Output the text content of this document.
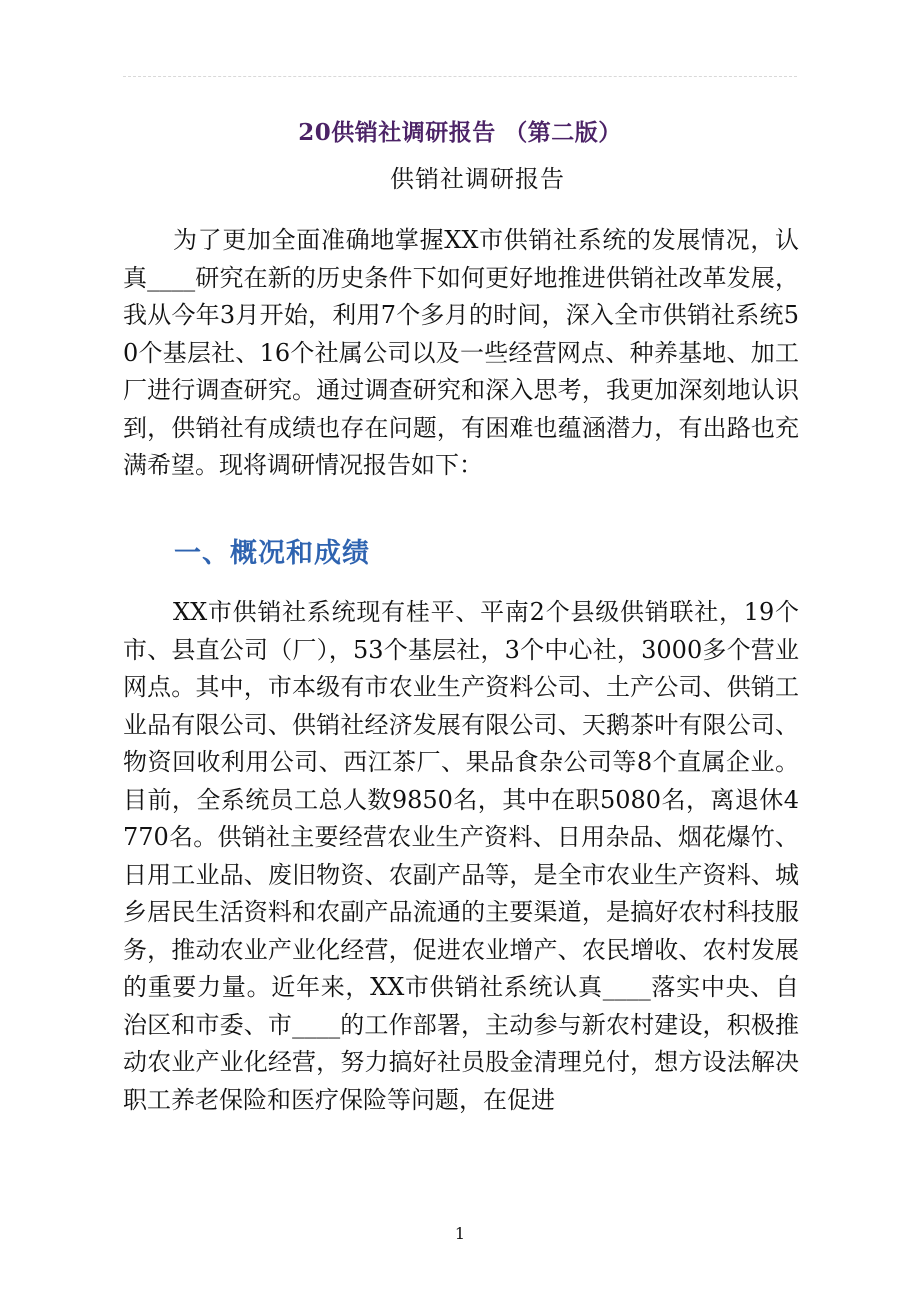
20供销社调研报告 （第二版）
供销社调研报告

为了更加全面准确地掌握XX市供销社系统的发展情况，认真____研究在新的历史条件下如何更好地推进供销社改革发展，我从今年3月开始，利用7个多月的时间，深入全市供销社系统50个基层社、16个社属公司以及一些经营网点、种养基地、加工厂进行调查研究。通过调查研究和深入思考，我更加深刻地认识到，供销社有成绩也存在问题，有困难也蕴涵潜力，有出路也充满希望。现将调研情况报告如下：

一、概况和成绩

XX市供销社系统现有桂平、平南2个县级供销联社，19个市、县直公司（厂），53个基层社，3个中心社，3000多个营业网点。其中，市本级有市农业生产资料公司、土产公司、供销工业品有限公司、供销社经济发展有限公司、天鹅茶叶有限公司、物资回收利用公司、西江茶厂、果品食杂公司等8个直属企业。目前，全系统员工总人数9850名，其中在职5080名，离退休4770名。供销社主要经营农业生产资料、日用杂品、烟花爆竹、日用工业品、废旧物资、农副产品等，是全市农业生产资料、城乡居民生活资料和农副产品流通的主要渠道，是搞好农村科技服务，推动农业产业化经营，促进农业增产、农民增收、农村发展的重要力量。近年来，XX市供销社系统认真____落实中央、自治区和市委、市____的工作部署，主动参与新农村建设，积极推动农业产业化经营，努力搞好社员股金清理兑付，想方设法解决职工养老保险和医疗保险等问题，在促进

1
